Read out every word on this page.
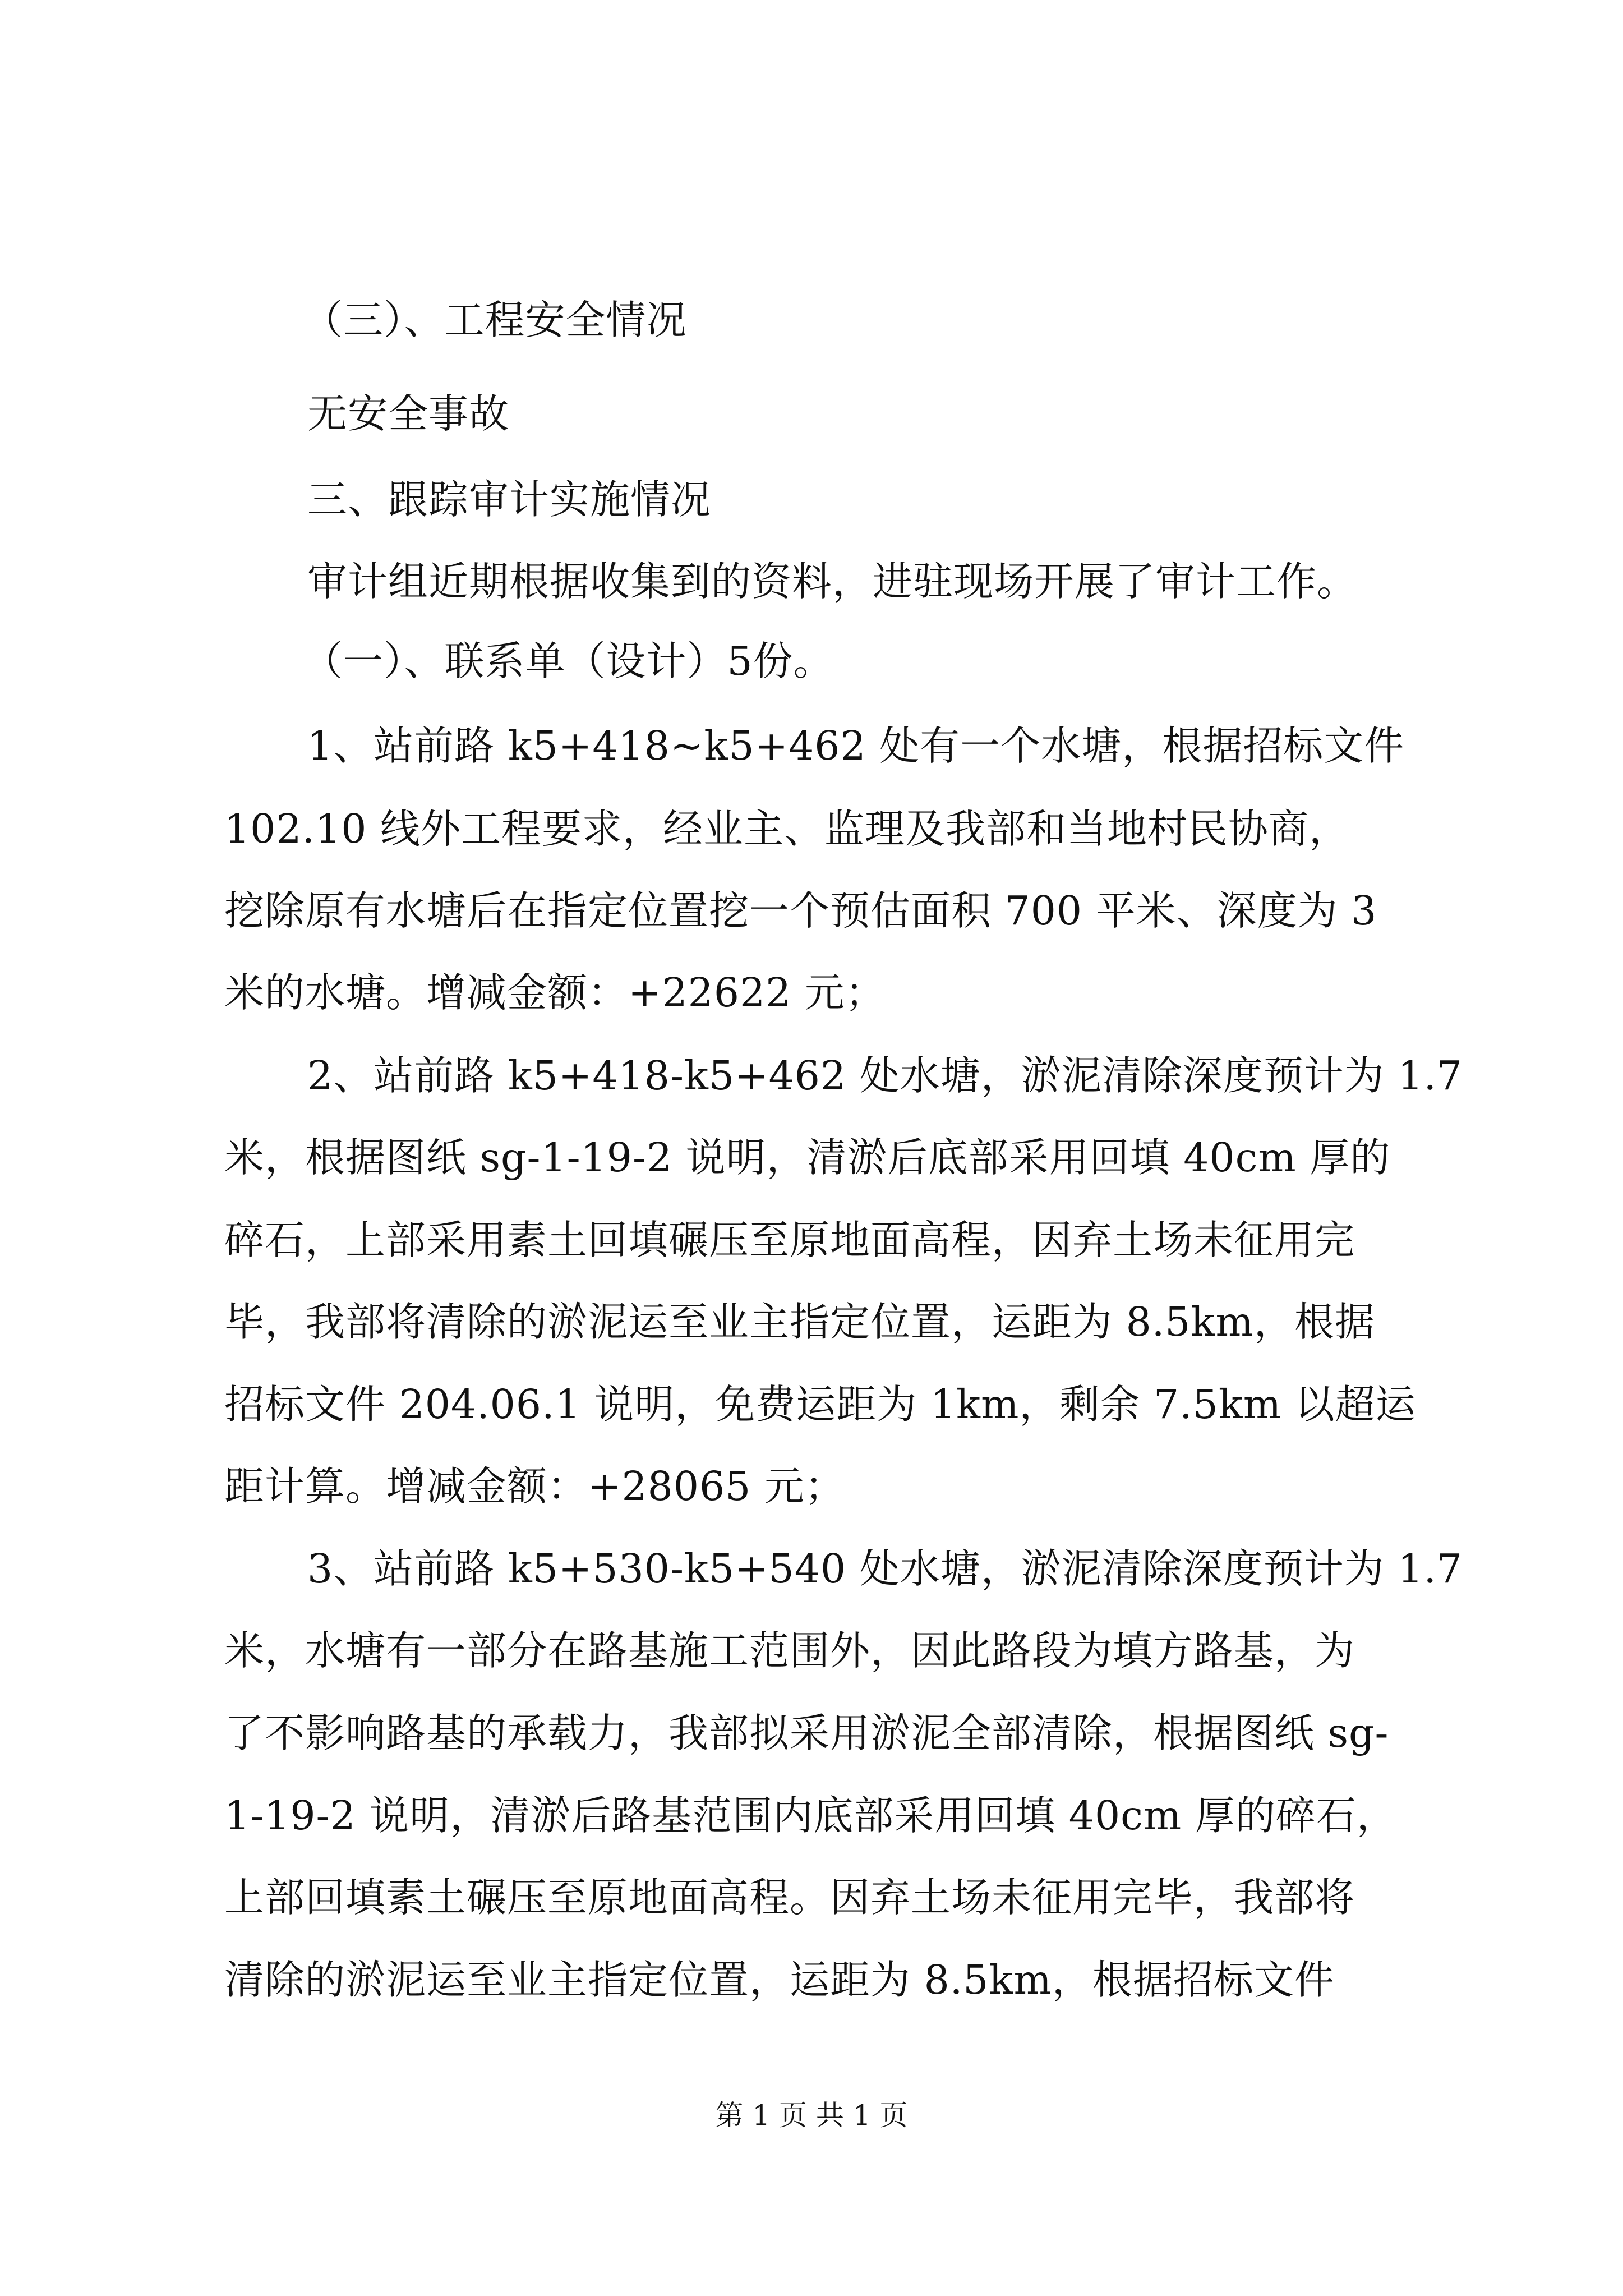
（三）、工程安全情况
无安全事故
三、跟踪审计实施情况
审计组近期根据收集到的资料，进驻现场开展了审计工作。
（一）、联系单（设计）5份。
1、站前路 k5+418~k5+462 处有一个水塘，根据招标文件
102.10 线外工程要求，经业主、监理及我部和当地村民协商，
挖除原有水塘后在指定位置挖一个预估面积 700 平米、深度为 3
米的水塘。增减金额：+22622 元；
2、站前路 k5+418-k5+462 处水塘，淤泥清除深度预计为 1.7
米，根据图纸 sg-1-19-2 说明，清淤后底部采用回填 40cm 厚的
碎石，上部采用素土回填碾压至原地面高程，因弃土场未征用完
毕，我部将清除的淤泥运至业主指定位置，运距为 8.5km，根据
招标文件 204.06.1 说明，免费运距为 1km，剩余 7.5km 以超运
距计算。增减金额：+28065 元；
3、站前路 k5+530-k5+540 处水塘，淤泥清除深度预计为 1.7
米，水塘有一部分在路基施工范围外，因此路段为填方路基，为
了不影响路基的承载力，我部拟采用淤泥全部清除，根据图纸 sg-
1-19-2 说明，清淤后路基范围内底部采用回填 40cm 厚的碎石，
上部回填素土碾压至原地面高程。因弃土场未征用完毕，我部将
清除的淤泥运至业主指定位置，运距为 8.5km，根据招标文件
第 1 页 共 1 页
